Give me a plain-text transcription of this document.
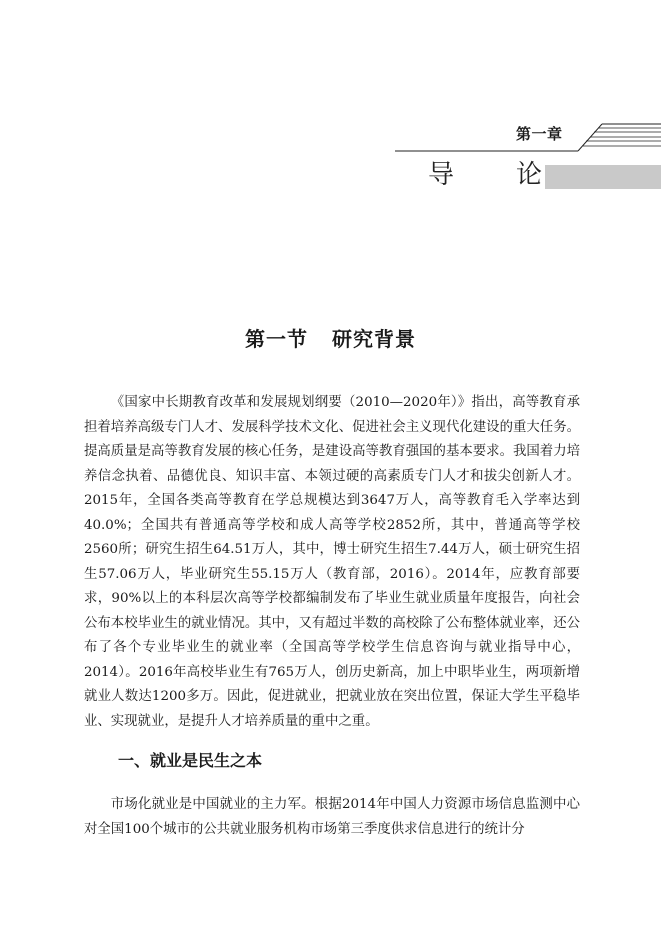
第一章
导 论
第一节 研究背景

《国家中长期教育改革和发展规划纲要（2010—2020年）》指出，高等教育承担着培养高级专门人才、发展科学技术文化、促进社会主义现代化建设的重大任务。提高质量是高等教育发展的核心任务，是建设高等教育强国的基本要求。我国着力培养信念执着、品德优良、知识丰富、本领过硬的高素质专门人才和拔尖创新人才。2015年，全国各类高等教育在学总规模达到3647万人，高等教育毛入学率达到40.0%；全国共有普通高等学校和成人高等学校2852所，其中，普通高等学校2560所；研究生招生64.51万人，其中，博士研究生招生7.44万人，硕士研究生招生57.06万人，毕业研究生55.15万人（教育部，2016）。2014年，应教育部要求，90%以上的本科层次高等学校都编制发布了毕业生就业质量年度报告，向社会公布本校毕业生的就业情况。其中，又有超过半数的高校除了公布整体就业率，还公布了各个专业毕业生的就业率（全国高等学校学生信息咨询与就业指导中心，2014）。2016年高校毕业生有765万人，创历史新高，加上中职毕业生，两项新增就业人数达1200多万。因此，促进就业，把就业放在突出位置，保证大学生平稳毕业、实现就业，是提升人才培养质量的重中之重。

一、就业是民生之本

市场化就业是中国就业的主力军。根据2014年中国人力资源市场信息监测中心对全国100个城市的公共就业服务机构市场第三季度供求信息进行的统计分
